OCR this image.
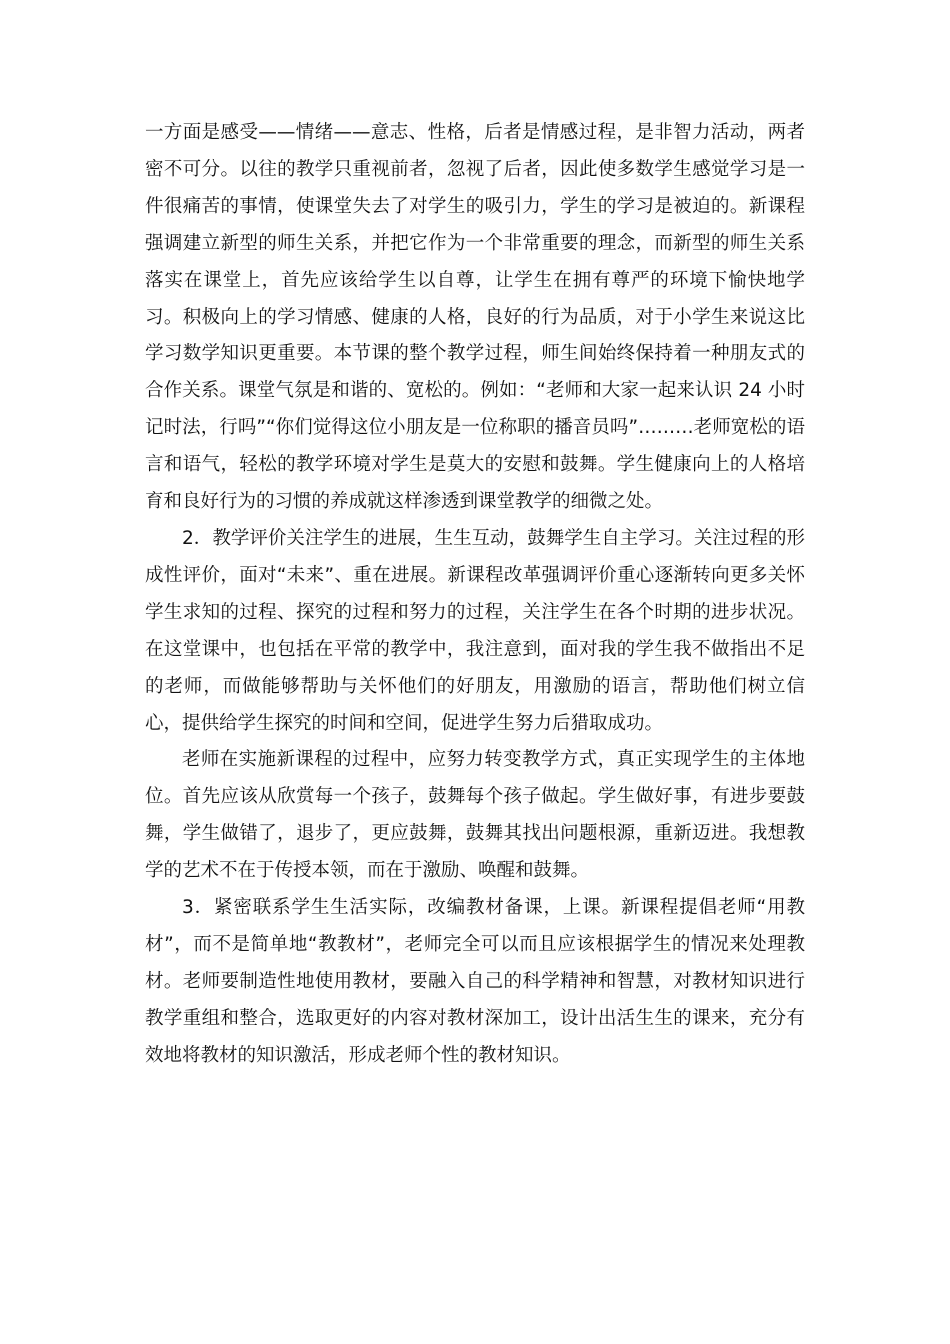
一方面是感受——情绪——意志、性格，后者是情感过程，是非智力活动，两者密不可分。以往的教学只重视前者，忽视了后者，因此使多数学生感觉学习是一件很痛苦的事情，使课堂失去了对学生的吸引力，学生的学习是被迫的。新课程强调建立新型的师生关系，并把它作为一个非常重要的理念，而新型的师生关系落实在课堂上，首先应该给学生以自尊，让学生在拥有尊严的环境下愉快地学习。积极向上的学习情感、健康的人格，良好的行为品质，对于小学生来说这比学习数学知识更重要。本节课的整个教学过程，师生间始终保持着一种朋友式的合作关系。课堂气氛是和谐的、宽松的。例如：“老师和大家一起来认识 24 小时记时法，行吗”“你们觉得这位小朋友是一位称职的播音员吗”………老师宽松的语言和语气，轻松的教学环境对学生是莫大的安慰和鼓舞。学生健康向上的人格培育和良好行为的习惯的养成就这样渗透到课堂教学的细微之处。

2．教学评价关注学生的进展，生生互动，鼓舞学生自主学习。关注过程的形成性评价，面对“未来”、重在进展。新课程改革强调评价重心逐渐转向更多关怀学生求知的过程、探究的过程和努力的过程，关注学生在各个时期的进步状况。在这堂课中，也包括在平常的教学中，我注意到，面对我的学生我不做指出不足的老师，而做能够帮助与关怀他们的好朋友，用激励的语言，帮助他们树立信心，提供给学生探究的时间和空间，促进学生努力后猎取成功。

老师在实施新课程的过程中，应努力转变教学方式，真正实现学生的主体地位。首先应该从欣赏每一个孩子，鼓舞每个孩子做起。学生做好事，有进步要鼓舞，学生做错了，退步了，更应鼓舞，鼓舞其找出问题根源，重新迈进。我想教学的艺术不在于传授本领，而在于激励、唤醒和鼓舞。

3．紧密联系学生生活实际，改编教材备课，上课。新课程提倡老师“用教材”，而不是简单地“教教材”，老师完全可以而且应该根据学生的情况来处理教材。老师要制造性地使用教材，要融入自己的科学精神和智慧，对教材知识进行教学重组和整合，选取更好的内容对教材深加工，设计出活生生的课来，充分有效地将教材的知识激活，形成老师个性的教材知识。
